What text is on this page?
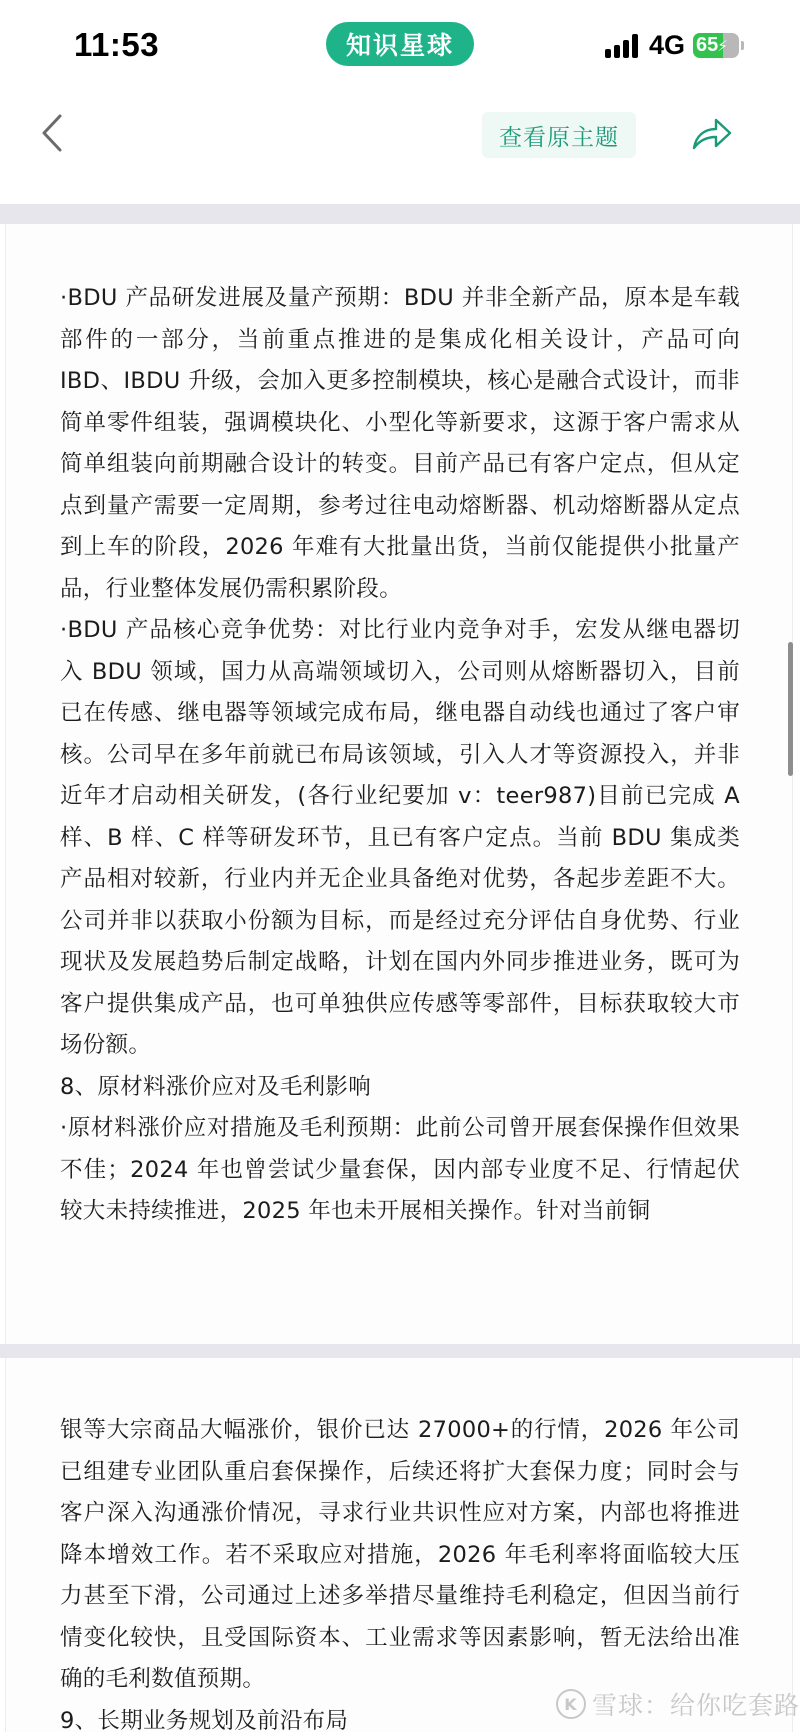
11:53	知识星球	4G 65 ⚡
查看原主题

·BDU 产品研发进展及量产预期：BDU 并非全新产品，原本是车载部件的一部分，当前重点推进的是集成化相关设计，产品可向 IBD、IBDU 升级，会加入更多控制模块，核心是融合式设计，而非简单零件组装，强调模块化、小型化等新要求，这源于客户需求从简单组装向前期融合设计的转变。目前产品已有客户定点，但从定点到量产需要一定周期，参考过往电动熔断器、机动熔断器从定点到上车的阶段，2026 年难有大批量出货，当前仅能提供小批量产品，行业整体发展仍需积累阶段。

·BDU 产品核心竞争优势：对比行业内竞争对手，宏发从继电器切入 BDU 领域，国力从高端领域切入，公司则从熔断器切入，目前已在传感、继电器等领域完成布局，继电器自动线也通过了客户审核。公司早在多年前就已布局该领域，引入人才等资源投入，并非近年才启动相关研发，(各行业纪要加 v：teer987)目前已完成 A 样、B 样、C 样等研发环节，且已有客户定点。当前 BDU 集成类产品相对较新，行业内并无企业具备绝对优势，各起步差距不大。公司并非以获取小份额为目标，而是经过充分评估自身优势、行业现状及发展趋势后制定战略，计划在国内外同步推进业务，既可为客户提供集成产品，也可单独供应传感等零部件，目标获取较大市场份额。

8、原材料涨价应对及毛利影响

·原材料涨价应对措施及毛利预期：此前公司曾开展套保操作但效果不佳；2024 年也曾尝试少量套保，因内部专业度不足、行情起伏较大未持续推进，2025 年也未开展相关操作。针对当前铜

银等大宗商品大幅涨价，银价已达 27000+的行情，2026 年公司已组建专业团队重启套保操作，后续还将扩大套保力度；同时会与客户深入沟通涨价情况，寻求行业共识性应对方案，内部也将推进降本增效工作。若不采取应对措施，2026 年毛利率将面临较大压力甚至下滑，公司通过上述多举措尽量维持毛利稳定，但因当前行情变化较快，且受国际资本、工业需求等因素影响，暂无法给出准确的毛利数值预期。

9、长期业务规划及前沿布局

K 雪球：给你吃套路
